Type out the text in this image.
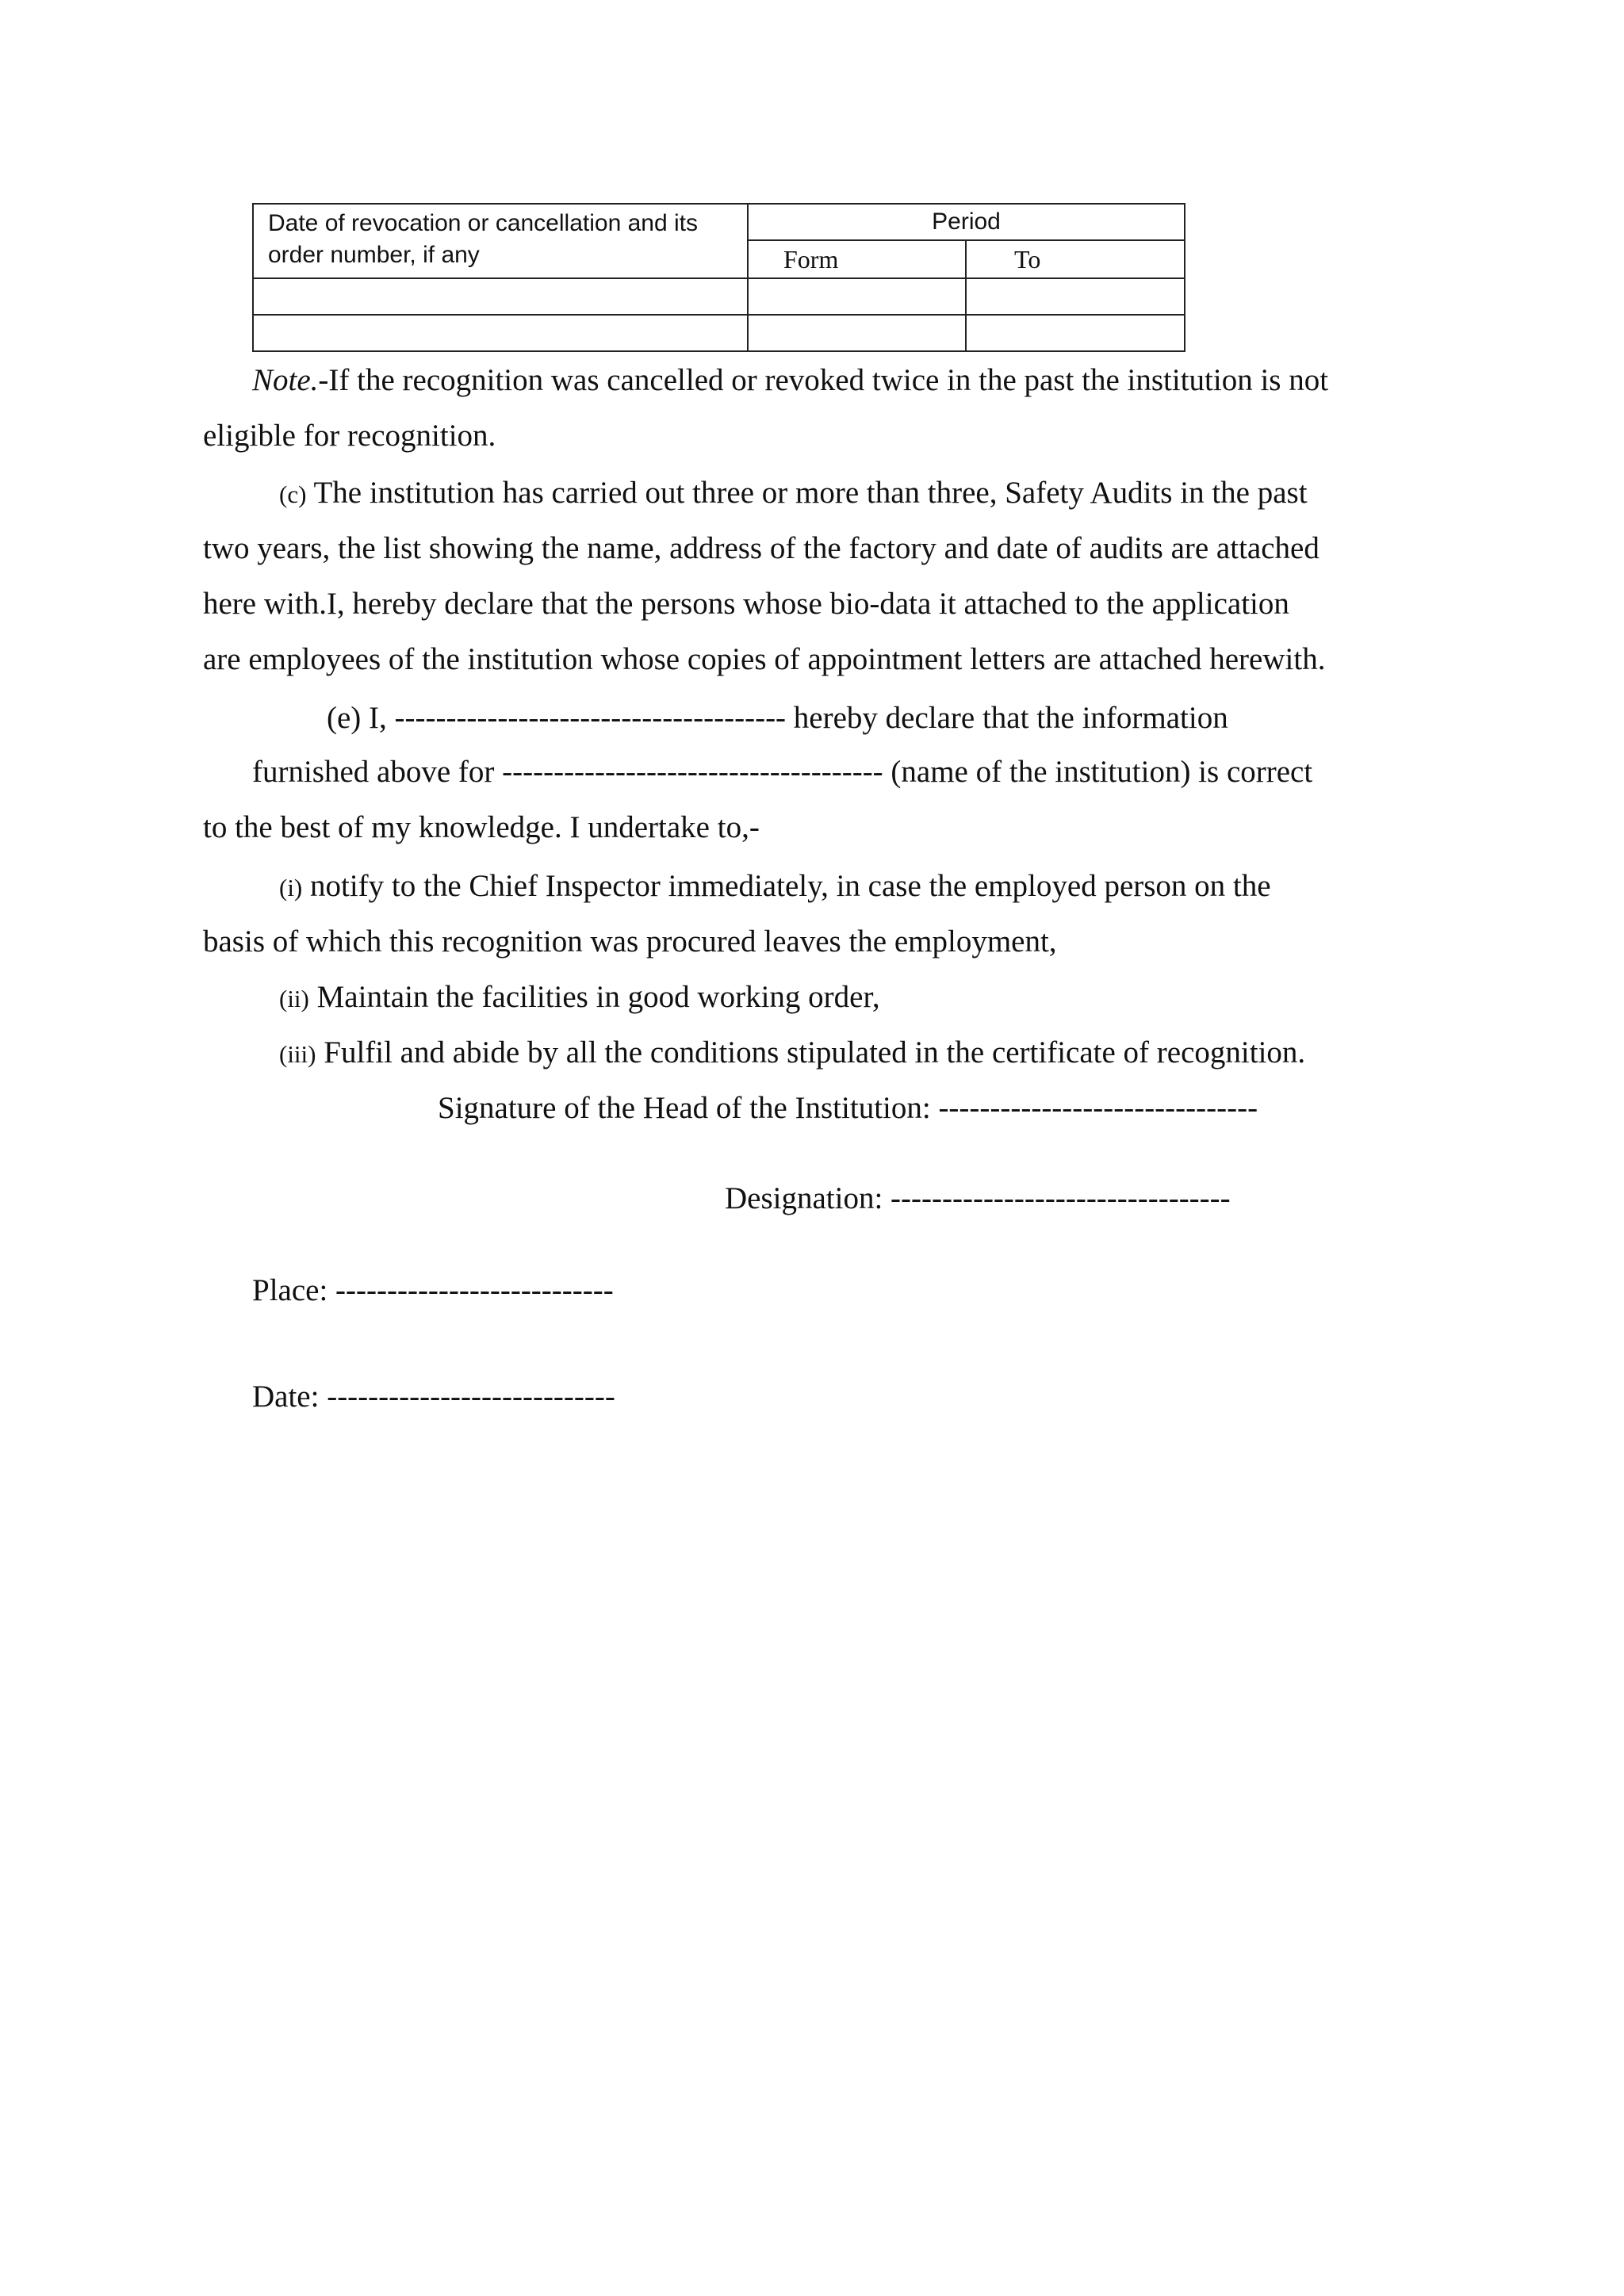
Date of revocation or cancellation and its order number, if any	Period	
	Form	To

Note.-If the recognition was cancelled or revoked twice in the past the institution is not

eligible for recognition.

(c) The institution has carried out three or more than three, Safety Audits in the past

two years, the list showing the name, address of the factory and date of audits are attached

here with.I, hereby declare that the persons whose bio-data it attached to the application

are employees of the institution whose copies of appointment letters are attached herewith.

(e) I, -------------------------------------- hereby declare that the information

furnished above for ------------------------------------- (name of the institution) is correct

to the best of my knowledge. I undertake to,-

(i) notify to the Chief Inspector immediately, in case the employed person on the

basis of which this recognition was procured leaves the employment,

(ii) Maintain the facilities in good working order,

(iii) Fulfil and abide by all the conditions stipulated in the certificate of recognition.

Signature of the Head of the Institution: -------------------------------

Designation: ---------------------------------

Place: ---------------------------

Date: ----------------------------
